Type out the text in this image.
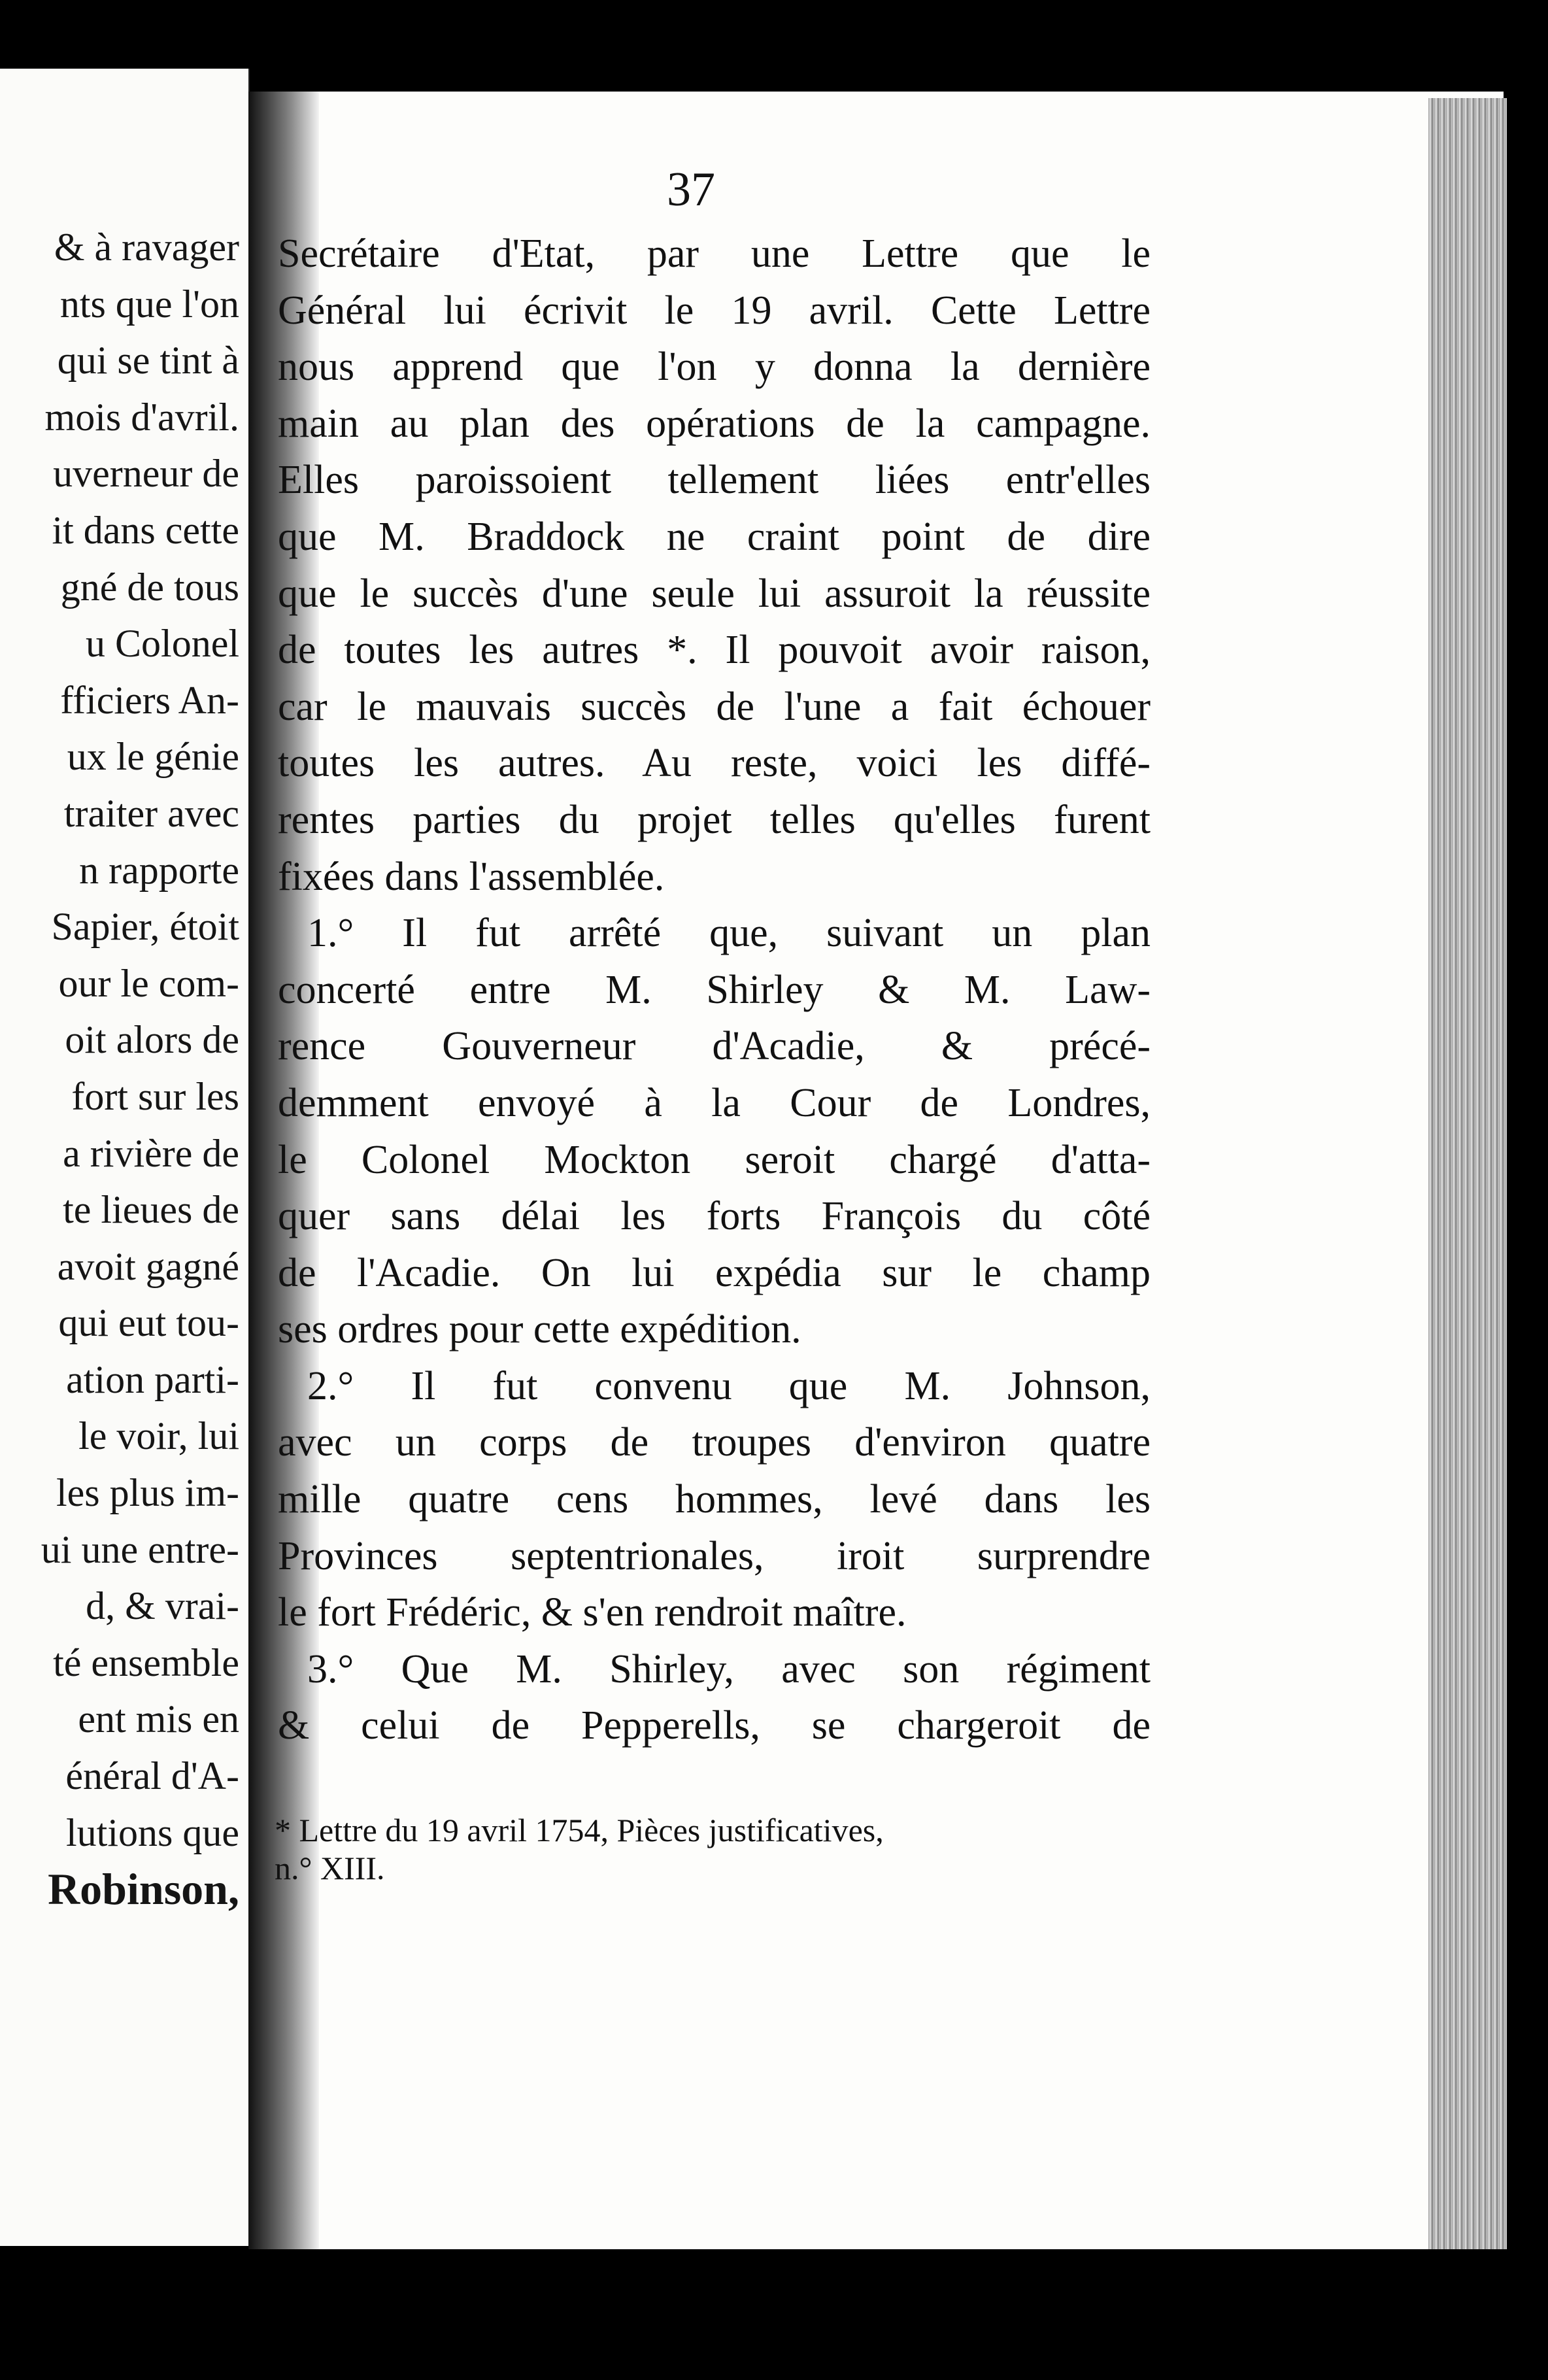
& à ravager
nts que l'on
qui se tint à
mois d'avril.
uverneur de
it dans cette
gné de tous
u Colonel
fficiers An-
ux le génie
traiter avec
n rapporte
Sapier, étoit
our le com-
oit alors de
fort sur les
a rivière de
te lieues de
avoit gagné
qui eut tou-
ation parti-
le voir, lui
les plus im-
ui une entre-
d, & vrai-
té ensemble
ent mis en
énéral d'A-
lutions que
Robinson,
37
Secrétaire d'Etat, par une Lettre que le
Général lui écrivit le 19 avril. Cette Lettre
nous apprend que l'on y donna la dernière
main au plan des opérations de la campagne.
Elles paroissoient tellement liées entr'elles
que M. Braddock ne craint point de dire
que le succès d'une seule lui assuroit la réussite
de toutes les autres *. Il pouvoit avoir raison,
car le mauvais succès de l'une a fait échouer
toutes les autres. Au reste, voici les diffé-
rentes parties du projet telles qu'elles furent
fixées dans l'assemblée.
1.° Il fut arrêté que, suivant un plan
concerté entre M. Shirley & M. Law-
rence Gouverneur d'Acadie, & précé-
demment envoyé à la Cour de Londres,
le Colonel Mockton seroit chargé d'atta-
quer sans délai les forts François du côté
de l'Acadie. On lui expédia sur le champ
ses ordres pour cette expédition.
2.° Il fut convenu que M. Johnson,
avec un corps de troupes d'environ quatre
mille quatre cens hommes, levé dans les
Provinces septentrionales, iroit surprendre
le fort Frédéric, & s'en rendroit maître.
3.° Que M. Shirley, avec son régiment
& celui de Pepperells, se chargeroit de
* Lettre du 19 avril 1754, Pièces justificatives,
n.° XIII.
